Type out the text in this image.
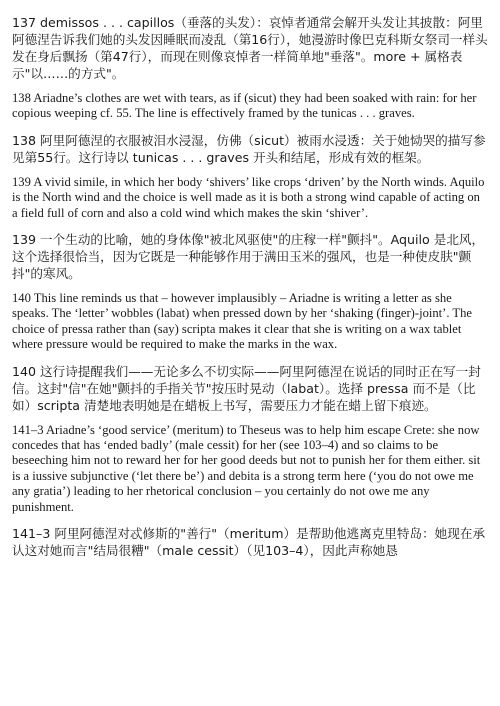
137 demissos . . . capillos（垂落的头发）：哀悼者通常会解开头发让其披散：阿里阿德涅告诉我们她的头发因睡眠而凌乱（第16行），她漫游时像巴克科斯女祭司一样头发在身后飘扬（第47行），而现在则像哀悼者一样简单地"垂落"。more + 属格表示"以……的方式"。

138 Ariadne’s clothes are wet with tears, as if (sicut) they had been soaked with rain: for her copious weeping cf. 55. The line is effectively framed by the tunicas . . . graves.

138 阿里阿德涅的衣服被泪水浸湿，仿佛（sicut）被雨水浸透：关于她恸哭的描写参见第55行。这行诗以 tunicas . . . graves 开头和结尾，形成有效的框架。

139 A vivid simile, in which her body ‘shivers’ like crops ‘driven’ by the North winds. Aquilo is the North wind and the choice is well made as it is both a strong wind capable of acting on a field full of corn and also a cold wind which makes the skin ‘shiver’.

139 一个生动的比喻，她的身体像"被北风驱使"的庄稼一样"颤抖"。Aquilo 是北风，这个选择很恰当，因为它既是一种能够作用于满田玉米的强风，也是一种使皮肤"颤抖"的寒风。

140 This line reminds us that – however implausibly – Ariadne is writing a letter as she speaks. The ‘letter’ wobbles (labat) when pressed down by her ‘shaking (finger)-joint’. The choice of pressa rather than (say) scripta makes it clear that she is writing on a wax tablet where pressure would be required to make the marks in the wax.

140 这行诗提醒我们——无论多么不切实际——阿里阿德涅在说话的同时正在写一封信。这封"信"在她"颤抖的手指关节"按压时晃动（labat）。选择 pressa 而不是（比如）scripta 清楚地表明她是在蜡板上书写，需要压力才能在蜡上留下痕迹。

141–3 Ariadne’s ‘good service’ (meritum) to Theseus was to help him escape Crete: she now concedes that has ‘ended badly’ (male cessit) for her (see 103–4) and so claims to be beseeching him not to reward her for her good deeds but not to punish her for them either. sit is a iussive subjunctive (‘let there be’) and debita is a strong term here (‘you do not owe me any gratia’) leading to her rhetorical conclusion – you certainly do not owe me any punishment.

141–3 阿里阿德涅对忒修斯的"善行"（meritum）是帮助他逃离克里特岛：她现在承认这对她而言"结局很糟"（male cessit）（见103–4），因此声称她恳
